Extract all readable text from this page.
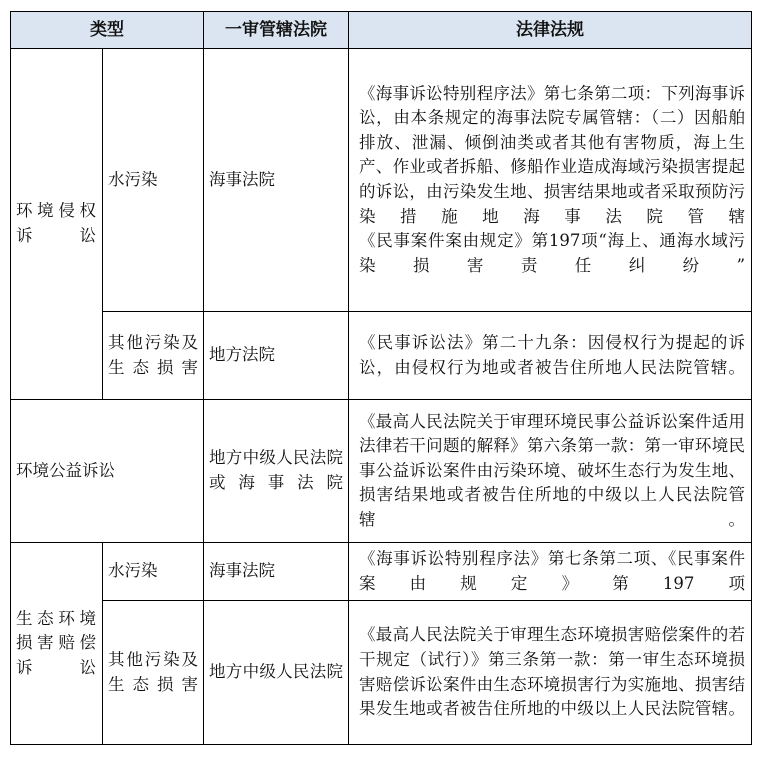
类型		一审管辖法院	法律法规

环境侵权诉讼	水污染	海事法院	《海事诉讼特别程序法》第七条第二项：下列海事诉讼，由本条规定的海事法院专属管辖：（二）因船舶排放、泄漏、倾倒油类或者其他有害物质，海上生产、作业或者拆船、修船作业造成海域污染损害提起的诉讼，由污染发生地、损害结果地或者采取预防污染措施地海事法院管辖
《民事案件案由规定》第197项“海上、通海水域污染损害责任纠纷”

	其他污染及生态损害	地方法院	《民事诉讼法》第二十九条：因侵权行为提起的诉讼，由侵权行为地或者被告住所地人民法院管辖。

环境公益诉讼		地方中级人民法院或海事法院	《最高人民法院关于审理环境民事公益诉讼案件适用法律若干问题的解释》第六条第一款：第一审环境民事公益诉讼案件由污染环境、破坏生态行为发生地、损害结果地或者被告住所地的中级以上人民法院管辖。

生态环境损害赔偿诉讼	水污染	海事法院	《海事诉讼特别程序法》第七条第二项、《民事案件案由规定》第197项

	其他污染及生态损害	地方中级人民法院	《最高人民法院关于审理生态环境损害赔偿案件的若干规定（试行）》第三条第一款：第一审生态环境损害赔偿诉讼案件由生态环境损害行为实施地、损害结果发生地或者被告住所地的中级以上人民法院管辖。
